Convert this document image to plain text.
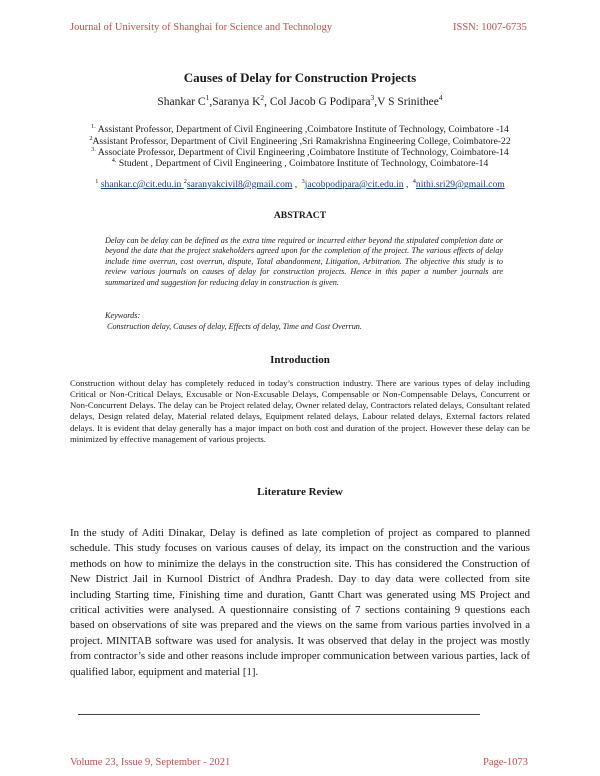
Journal of University of Shanghai for Science and Technology	ISSN: 1007-6735
Causes of Delay for Construction Projects
Shankar $C^1,Saranya$ $K^2$, Col Jacob G Podipara$^3$,V S Srinithee$^4$
$^{1.}$ Assistant Professor, Department of Civil Engineering ,Coimbatore Institute of Technology, Coimbatore -14
$^2$Assistant Professor, Department of Civil Engineering ,Sri Ramakrishna Engineering College, Coimbatore-22
$^{3.}$ Associate Professor, Department of Civil Engineering ,Coimbatore Institute of Technology, Coimbatore-14
$^{4.}$ Student , Department of Civil Engineering , Coimbatore Institute of Technology, Coimbatore-14
$^1$ shankar.c@cit.edu.in $^2$saranyakcivil8@gmail.com , $^3$jacobpodipara@cit.edu.in , $^4$nithi.sri29@gmail.com
ABSTRACT
Delay can be delay can be defined as the extra time required or incurred either beyond the stipulated completion date or beyond the date that the project stakeholders agreed upon for the completion of the project. The various effects of delay include time overrun, cost overrun, dispute, Total abandonment, Litigation, Arbitration. The objective this study is to review various journals on causes of delay for construction projects. Hence in this paper a number journals are summarized and suggestion for reducing delay in construction is given.
Keywords:
Construction delay, Causes of delay, Effects of delay, Time and Cost Overrun.
Introduction
Construction without delay has completely reduced in today’s construction industry. There are various types of delay including Critical or Non-Critical Delays, Excusable or Non-Excusable Delays, Compensable or Non-Compensable Delays, Concurrent or Non-Concurrent Delays. The delay can be Project related delay, Owner related delay, Contractors related delays, Consultant related delays, Design related delay, Material related delays, Equipment related delays, Labour related delays, External factors related delays. It is evident that delay generally has a major impact on both cost and duration of the project. However these delay can be minimized by effective management of various projects.
Literature Review
In the study of Aditi Dinakar, Delay is defined as late completion of project as compared to planned schedule. This study focuses on various causes of delay, its impact on the construction and the various methods on how to minimize the delays in the construction site. This has considered the Construction of New District Jail in Kurnool District of Andhra Pradesh. Day to day data were collected from site including Starting time, Finishing time and duration, Gantt Chart was generated using MS Project and critical activities were analysed. A questionnaire consisting of 7 sections containing 9 questions each based on observations of site was prepared and the views on the same from various parties involved in a project. MINITAB software was used for analysis. It was observed that delay in the project was mostly from contractor’s side and other reasons include improper communication between various parties, lack of qualified labor, equipment and material [1].
Volume 23, Issue 9, September - 2021	Page-1073
